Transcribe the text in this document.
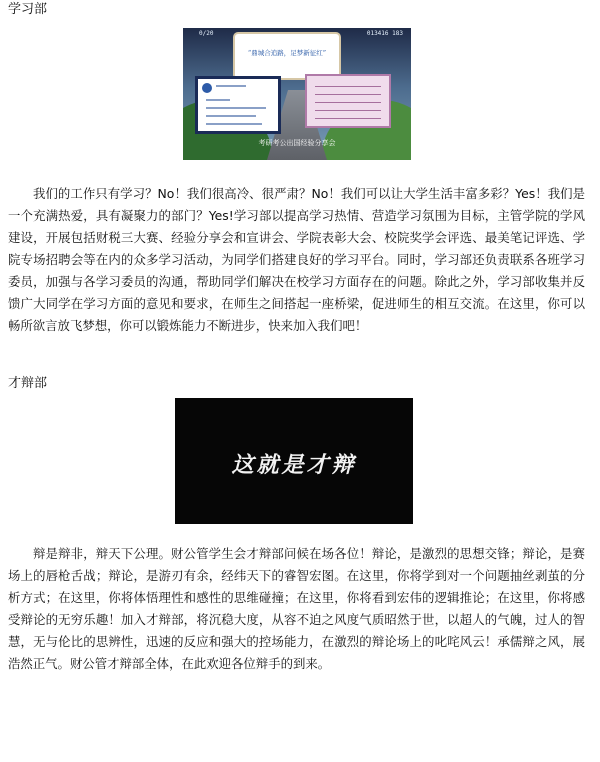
学习部
0/20	013416 183
“鼎城合追路，足梦新征红”
考研考公出国经验分享会

我们的工作只有学习？No！我们很高冷、很严肃？No！我们可以让大学生活丰富多彩？Yes！我们是一个充满热爱，具有凝聚力的部门？Yes!学习部以提高学习热情、营造学习氛围为目标，主管学院的学风建设，开展包括财税三大赛、经验分享会和宣讲会、学院表彰大会、校院奖学会评选、最美笔记评选、学院专场招聘会等在内的众多学习活动，为同学们搭建良好的学习平台。同时，学习部还负责联系各班学习委员，加强与各学习委员的沟通，帮助同学们解决在校学习方面存在的问题。除此之外，学习部收集并反馈广大同学在学习方面的意见和要求，在师生之间搭起一座桥梁，促进师生的相互交流。在这里，你可以畅所欲言放飞梦想，你可以锻炼能力不断进步，快来加入我们吧！

才辩部
这就是才辩

辩是辩非，辩天下公理。财公管学生会才辩部问候在场各位！辩论，是激烈的思想交锋；辩论，是赛场上的唇枪舌战；辩论，是游刃有余，经纬天下的睿智宏图。在这里，你将学到对一个问题抽丝剥茧的分析方式；在这里，你将体悟理性和感性的思维碰撞；在这里，你将看到宏伟的逻辑推论；在这里，你将感受辩论的无穷乐趣！加入才辩部，将沉稳大度，从容不迫之风度气质昭然于世，以超人的气魄，过人的智慧，无与伦比的思辨性，迅速的反应和强大的控场能力，在激烈的辩论场上的叱咤风云！承儒辩之风，展浩然正气。财公管才辩部全体，在此欢迎各位辩手的到来。
